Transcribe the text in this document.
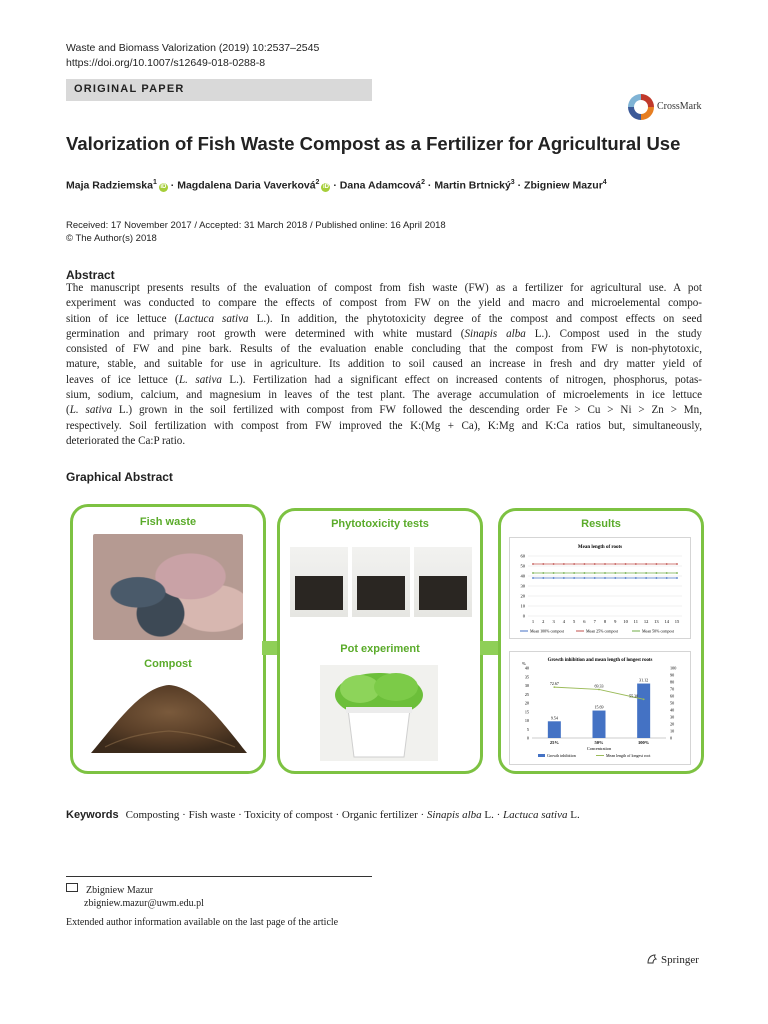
Waste and Biomass Valorization (2019) 10:2537–2545
https://doi.org/10.1007/s12649-018-0288-8
ORIGINAL PAPER
CrossMark
Valorization of Fish Waste Compost as a Fertilizer for Agricultural Use
Maja Radziemska$^1$iD · Magdalena Daria Vaverková$^2$iD · Dana Adamcová$^2$ · Martin Brtnický$^3$ · Zbigniew Mazur$^4$
Received: 17 November 2017 / Accepted: 31 March 2018 / Published online: 16 April 2018
© The Author(s) 2018
Abstract
The manuscript presents results of the evaluation of compost from fish waste (FW) as a fertilizer for agricultural use. A pot
experiment was conducted to compare the effects of compost from FW on the yield and macro and microelemental compo-
sition of ice lettuce (Lactuca sativa L.). In addition, the phytotoxicity degree of the compost and compost effects on seed
germination and primary root growth were determined with white mustard (Sinapis alba L.). Compost used in the study
consisted of FW and pine bark. Results of the evaluation enable concluding that the compost from FW is non-phytotoxic,
mature, stable, and suitable for use in agriculture. Its addition to soil caused an increase in fresh and dry matter yield of
leaves of ice lettuce (L. sativa L.). Fertilization had a significant effect on increased contents of nitrogen, phosphorus, potas-
sium, sodium, calcium, and magnesium in leaves of the test plant. The average accumulation of microelements in ice lettuce
(L. sativa L.) grown in the soil fertilized with compost from FW followed the descending order Fe > Cu > Ni > Zn > Mn,
respectively. Soil fertilization with compost from FW improved the K:(Mg + Ca), K:Mg and K:Ca ratios but, simultaneously,
deteriorated the Ca:P ratio.
Graphical Abstract
Fish waste
Compost
Phytotoxicity tests
Pot experiment
Results
Mean length of roots
0
10
20
30
40
50
60
1 2 3 4 5 6 7 8 9 10 11 12 13 14 15
Mean 100% compost	Mean 25% compost	Mean 50% compost
Growth inhibition and mean length of longest roots
%
0
5
10
15
20
25
30
35
40
0
10
20
30
40
50
60
70
80
90
100
9.54
25%
15.69
50%
31.12
100%
72.67	69.33
55.30
Concentration
Growth inhibition	Mean length of longest root
Keywords Composting · Fish waste · Toxicity of compost · Organic fertilizer · Sinapis alba L. · Lactuca sativa L.
Zbigniew Mazur
zbigniew.mazur@uwm.edu.pl
Extended author information available on the last page of the article
Springer
